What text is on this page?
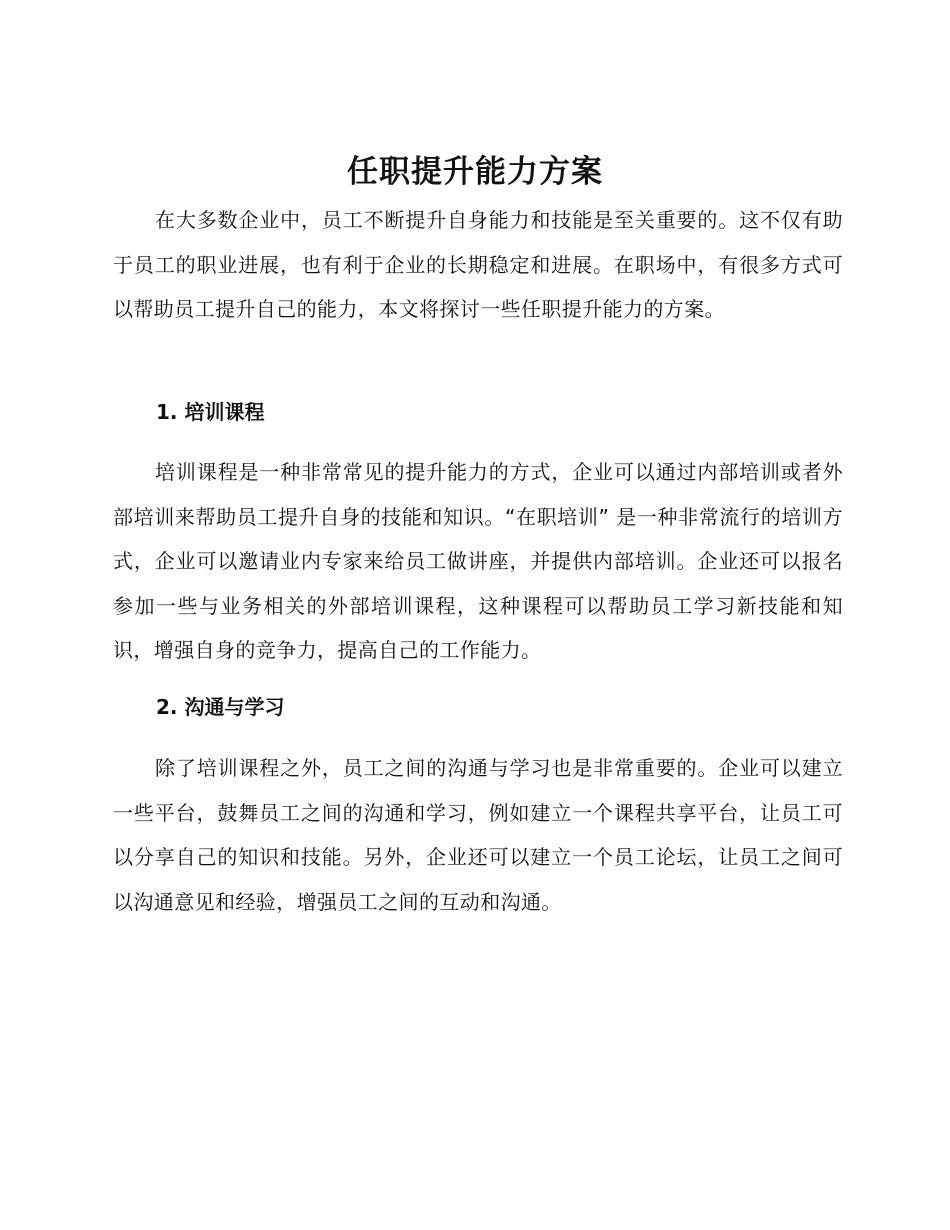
任职提升能力方案

在大多数企业中，员工不断提升自身能力和技能是至关重要的。这不仅有助于员工的职业进展，也有利于企业的长期稳定和进展。在职场中，有很多方式可以帮助员工提升自己的能力，本文将探讨一些任职提升能力的方案。

1. 培训课程

培训课程是一种非常常见的提升能力的方式，企业可以通过内部培训或者外部培训来帮助员工提升自身的技能和知识。“在职培训” 是一种非常流行的培训方式，企业可以邀请业内专家来给员工做讲座，并提供内部培训。企业还可以报名参加一些与业务相关的外部培训课程，这种课程可以帮助员工学习新技能和知识，增强自身的竞争力，提高自己的工作能力。

2. 沟通与学习

除了培训课程之外，员工之间的沟通与学习也是非常重要的。企业可以建立一些平台，鼓舞员工之间的沟通和学习，例如建立一个课程共享平台，让员工可以分享自己的知识和技能。另外，企业还可以建立一个员工论坛，让员工之间可以沟通意见和经验，增强员工之间的互动和沟通。
